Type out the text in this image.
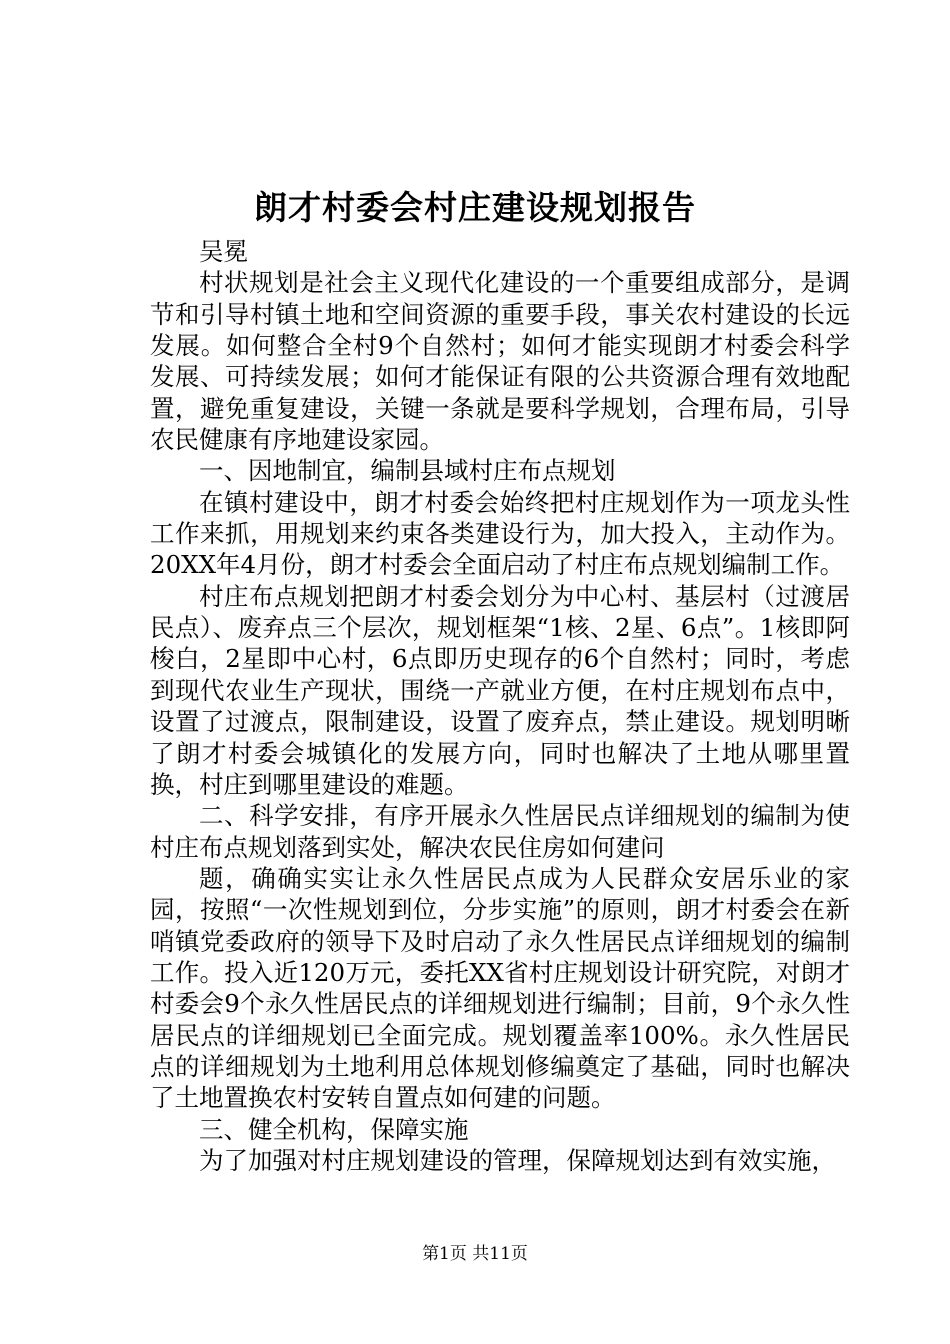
朗才村委会村庄建设规划报告

吴冕

村状规划是社会主义现代化建设的一个重要组成部分，是调节和引导村镇土地和空间资源的重要手段，事关农村建设的长远发展。如何整合全村9个自然村；如何才能实现朗才村委会科学发展、可持续发展；如何才能保证有限的公共资源合理有效地配置，避免重复建设，关键一条就是要科学规划，合理布局，引导农民健康有序地建设家园。

一、因地制宜，编制县域村庄布点规划

在镇村建设中，朗才村委会始终把村庄规划作为一项龙头性工作来抓，用规划来约束各类建设行为，加大投入，主动作为。20XX年4月份，朗才村委会全面启动了村庄布点规划编制工作。

村庄布点规划把朗才村委会划分为中心村、基层村（过渡居民点）、废弃点三个层次，规划框架“1核、2星、6点”。1核即阿梭白，2星即中心村，6点即历史现存的6个自然村；同时，考虑到现代农业生产现状，围绕一产就业方便，在村庄规划布点中，设置了过渡点，限制建设，设置了废弃点，禁止建设。规划明晰了朗才村委会城镇化的发展方向，同时也解决了土地从哪里置换，村庄到哪里建设的难题。

二、科学安排，有序开展永久性居民点详细规划的编制为使村庄布点规划落到实处，解决农民住房如何建问

题，确确实实让永久性居民点成为人民群众安居乐业的家园，按照“一次性规划到位，分步实施”的原则，朗才村委会在新哨镇党委政府的领导下及时启动了永久性居民点详细规划的编制工作。投入近120万元，委托XX省村庄规划设计研究院，对朗才村委会9个永久性居民点的详细规划进行编制；目前，9个永久性居民点的详细规划已全面完成。规划覆盖率100%。永久性居民点的详细规划为土地利用总体规划修编奠定了基础，同时也解决了土地置换农村安转自置点如何建的问题。

三、健全机构，保障实施

为了加强对村庄规划建设的管理，保障规划达到有效实施，

第1页 共11页
